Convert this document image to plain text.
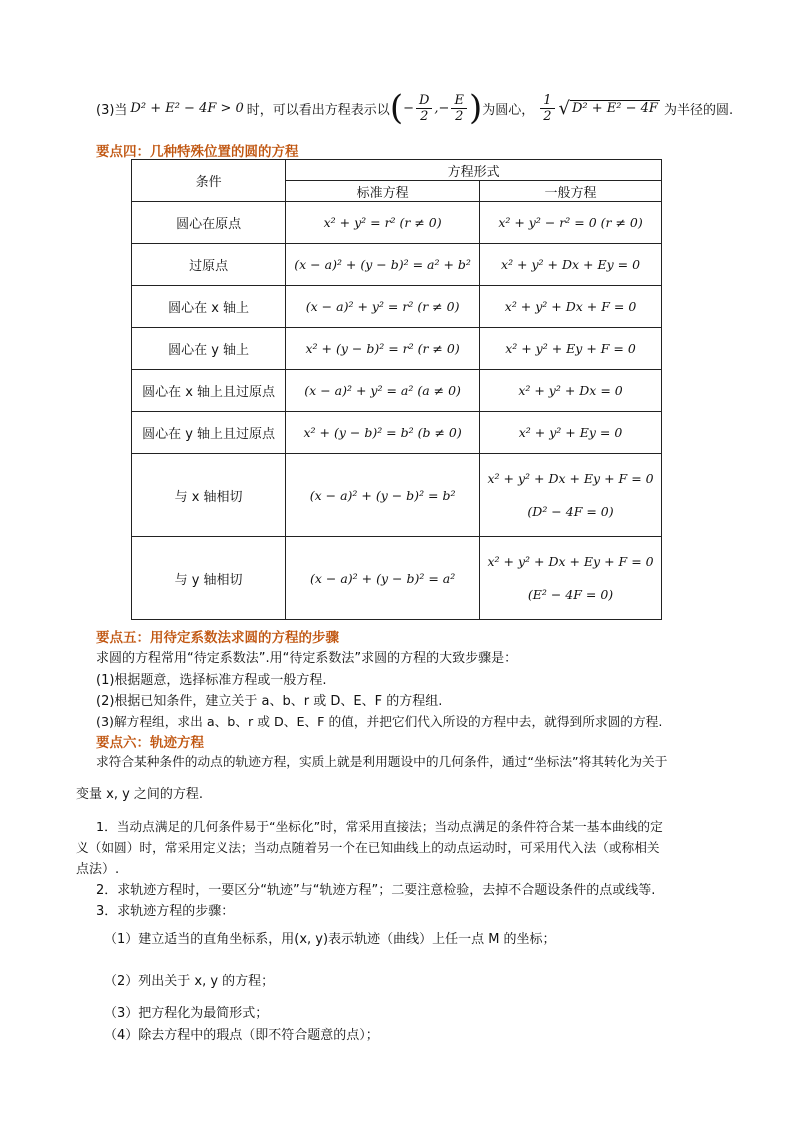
(3)当 D² + E² − 4F > 0 时，可以看出方程表示以 ( − $\frac{D}{2}$ ,− $\frac{E}{2}$ ) 为圆心， $\frac{1}{2}$ √ D² + E² − 4F 为半径的圆.
要点四：几种特殊位置的圆的方程
条件	方程形式	
	标准方程	一般方程
圆心在原点	x² + y² = r² (r ≠ 0)	x² + y² − r² = 0 (r ≠ 0)
过原点	(x − a)² + (y − b)² = a² + b²	x² + y² + Dx + Ey = 0
圆心在 x 轴上	(x − a)² + y² = r² (r ≠ 0)	x² + y² + Dx + F = 0
圆心在 y 轴上	x² + (y − b)² = r² (r ≠ 0)	x² + y² + Ey + F = 0
圆心在 x 轴上且过原点	(x − a)² + y² = a² (a ≠ 0)	x² + y² + Dx = 0
圆心在 y 轴上且过原点	x² + (y − b)² = b² (b ≠ 0)	x² + y² + Ey = 0
与 x 轴相切	(x − a)² + (y − b)² = b²	x² + y² + Dx + Ey + F = 0
(D² − 4F = 0)

与 y 轴相切	(x − a)² + (y − b)² = a²	x² + y² + Dx + Ey + F = 0
(E² − 4F = 0)
要点五：用待定系数法求圆的方程的步骤
求圆的方程常用“待定系数法”.用“待定系数法”求圆的方程的大致步骤是：
(1)根据题意，选择标准方程或一般方程.
(2)根据已知条件，建立关于 a、b、r 或 D、E、F 的方程组.
(3)解方程组，求出 a、b、r 或 D、E、F 的值，并把它们代入所设的方程中去，就得到所求圆的方程.
要点六：轨迹方程
求符合某种条件的动点的轨迹方程，实质上就是利用题设中的几何条件，通过“坐标法”将其转化为关于
变量 x, y 之间的方程.
1．当动点满足的几何条件易于“坐标化”时，常采用直接法；当动点满足的条件符合某一基本曲线的定
义（如圆）时，常采用定义法；当动点随着另一个在已知曲线上的动点运动时，可采用代入法（或称相关
点法）.
2．求轨迹方程时，一要区分“轨迹”与“轨迹方程”；二要注意检验，去掉不合题设条件的点或线等.
3．求轨迹方程的步骤：
（1）建立适当的直角坐标系，用(x, y)表示轨迹（曲线）上任一点 M 的坐标；
（2）列出关于 x, y 的方程；
（3）把方程化为最简形式；
（4）除去方程中的瑕点（即不符合题意的点）；
